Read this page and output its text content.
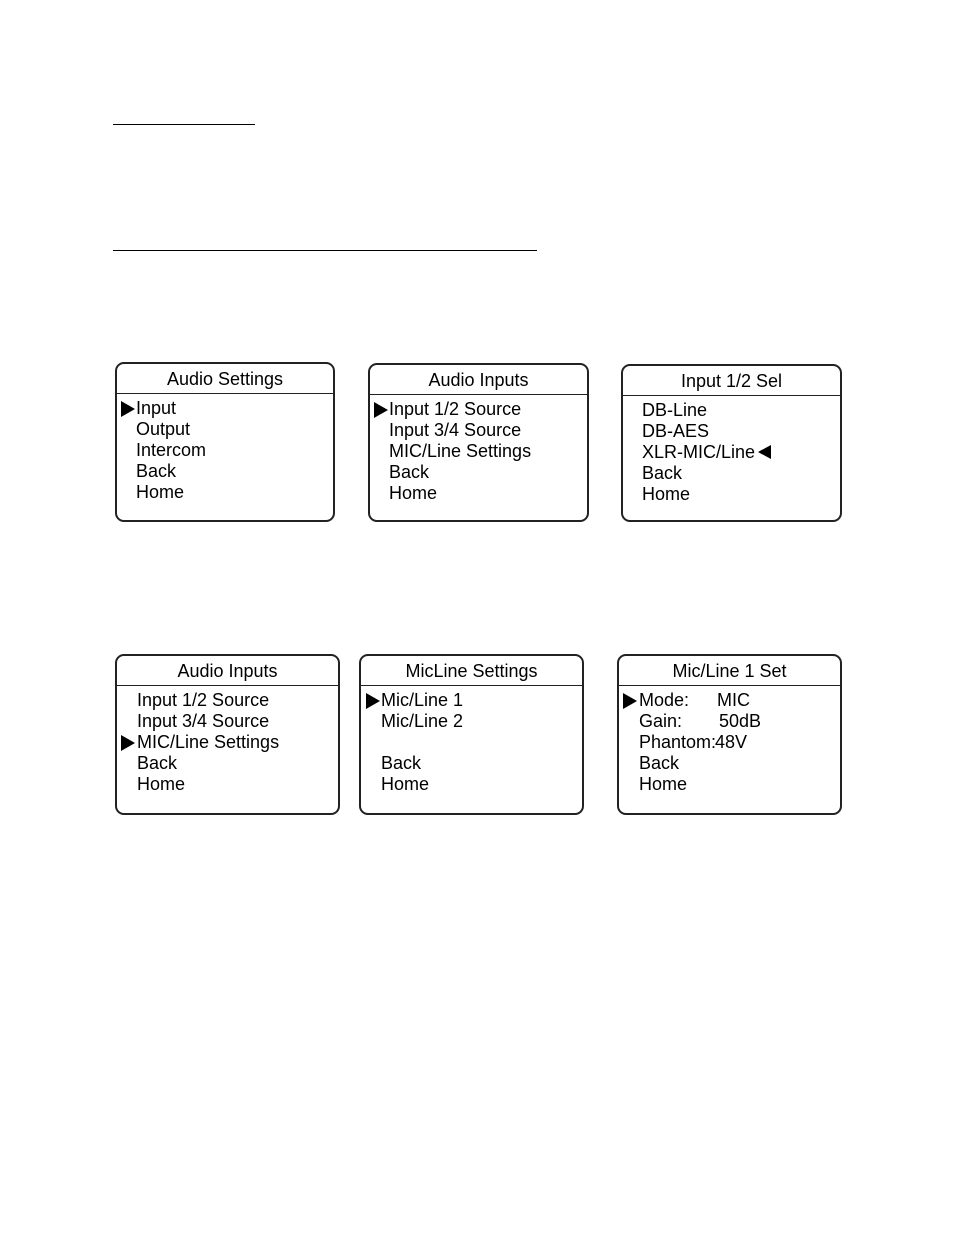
Audio Settings
Input
Output
Intercom
Back
Home
Audio Inputs
Input 1/2 Source
Input 3/4 Source
MIC/Line Settings
Back
Home
Input 1/2 Sel
DB-Line
DB-AES
XLR-MIC/Line
Back
Home
Audio Inputs
Input 1/2 Source
Input 3/4 Source
MIC/Line Settings
Back
Home
MicLine Settings
Mic/Line 1
Mic/Line 2
Back
Home
Mic/Line 1 Set
Mode: MIC
Gain: 50dB
Phantom:
48V
Back
Home
